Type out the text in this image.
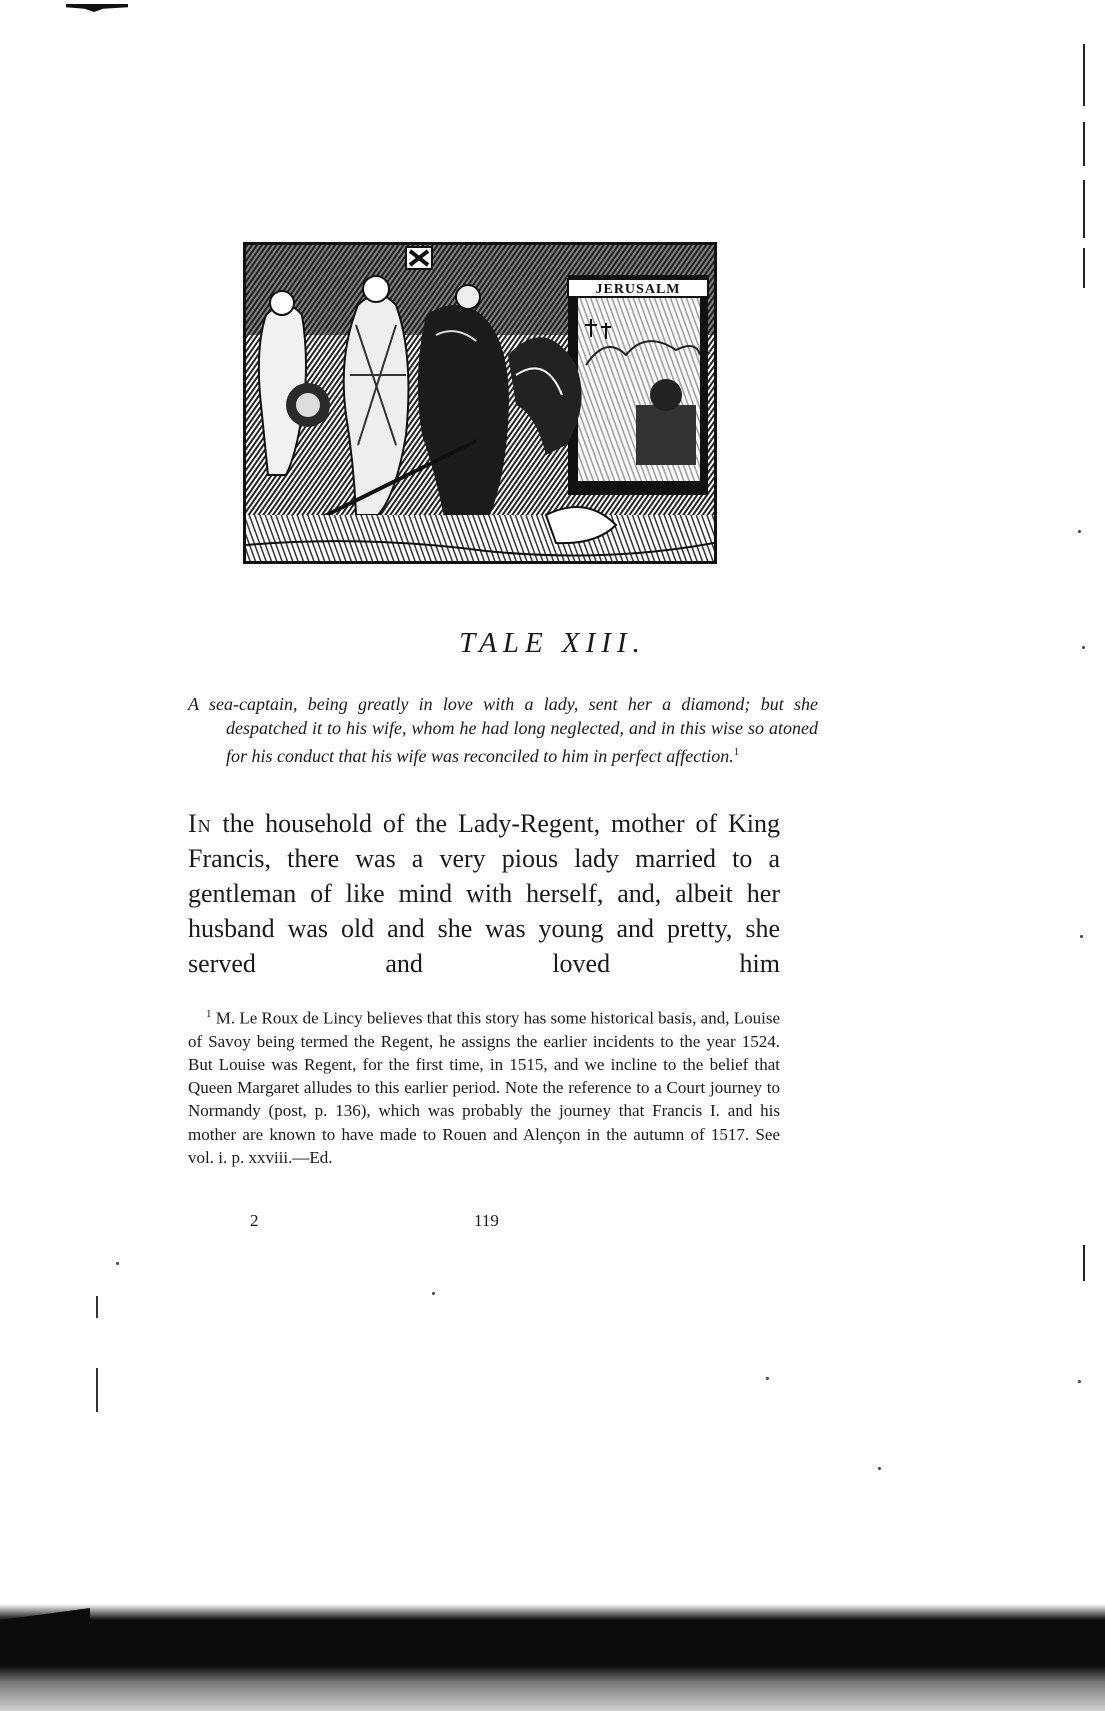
JERUSALM
TALE XIII.
A sea-captain, being greatly in love with a lady, sent her a diamond; but she despatched it to his wife, whom he had long neglected, and in this wise so atoned for his conduct that his wife was reconciled to him in perfect affection.$^1$
In the household of the Lady-Regent, mother of King Francis, there was a very pious lady married to a gentleman of like mind with herself, and, albeit her husband was old and she was young and pretty, she served and loved him
$^1$ M. Le Roux de Lincy believes that this story has some historical basis, and, Louise of Savoy being termed the Regent, he assigns the earlier incidents to the year 1524. But Louise was Regent, for the first time, in 1515, and we incline to the belief that Queen Margaret alludes to this earlier period. Note the reference to a Court journey to Normandy (post, p. 136), which was probably the journey that Francis I. and his mother are known to have made to Rouen and Alençon in the autumn of 1517. See vol. i. p. xxviii.—Ed.
2	119
